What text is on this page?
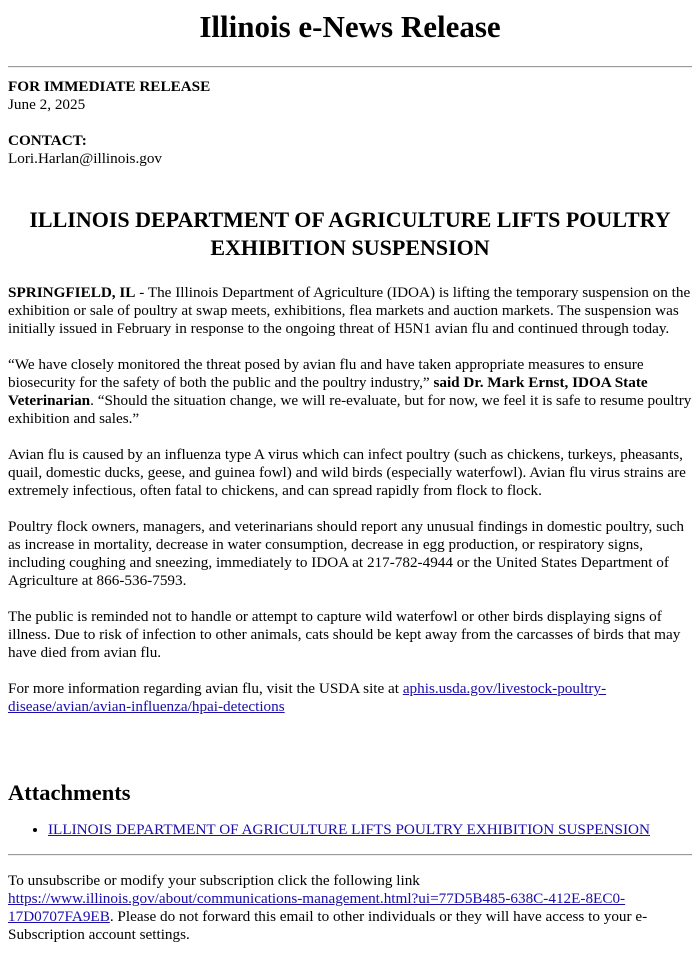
Illinois e-News Release

FOR IMMEDIATE RELEASE

June 2, 2025

CONTACT:

Lori.Harlan@illinois.gov

ILLINOIS DEPARTMENT OF AGRICULTURE LIFTS POULTRY EXHIBITION SUSPENSION

SPRINGFIELD, IL - The Illinois Department of Agriculture (IDOA) is lifting the temporary suspension on the exhibition or sale of poultry at swap meets, exhibitions, flea markets and auction markets. The suspension was initially issued in February in response to the ongoing threat of H5N1 avian flu and continued through today.

“We have closely monitored the threat posed by avian flu and have taken appropriate measures to ensure biosecurity for the safety of both the public and the poultry industry,” said Dr. Mark Ernst, IDOA State Veterinarian. “Should the situation change, we will re-evaluate, but for now, we feel it is safe to resume poultry exhibition and sales.”

Avian flu is caused by an influenza type A virus which can infect poultry (such as chickens, turkeys, pheasants, quail, domestic ducks, geese, and guinea fowl) and wild birds (especially waterfowl). Avian flu virus strains are extremely infectious, often fatal to chickens, and can spread rapidly from flock to flock.

Poultry flock owners, managers, and veterinarians should report any unusual findings in domestic poultry, such as increase in mortality, decrease in water consumption, decrease in egg production, or respiratory signs, including coughing and sneezing, immediately to IDOA at 217-782-4944 or the United States Department of Agriculture at 866-536-7593.

The public is reminded not to handle or attempt to capture wild waterfowl or other birds displaying signs of illness. Due to risk of infection to other animals, cats should be kept away from the carcasses of birds that may have died from avian flu.

For more information regarding avian flu, visit the USDA site at aphis.usda.gov/livestock-poultry-disease/avian/avian-influenza/hpai-detections

Attachments
• ILLINOIS DEPARTMENT OF AGRICULTURE LIFTS POULTRY EXHIBITION SUSPENSION

To unsubscribe or modify your subscription click the following link
https://www.illinois.gov/about/communications-management.html?ui=77D5B485-638C-412E-8EC0-17D0707FA9EB. Please do not forward this email to other individuals or they will have access to your e-Subscription account settings.
